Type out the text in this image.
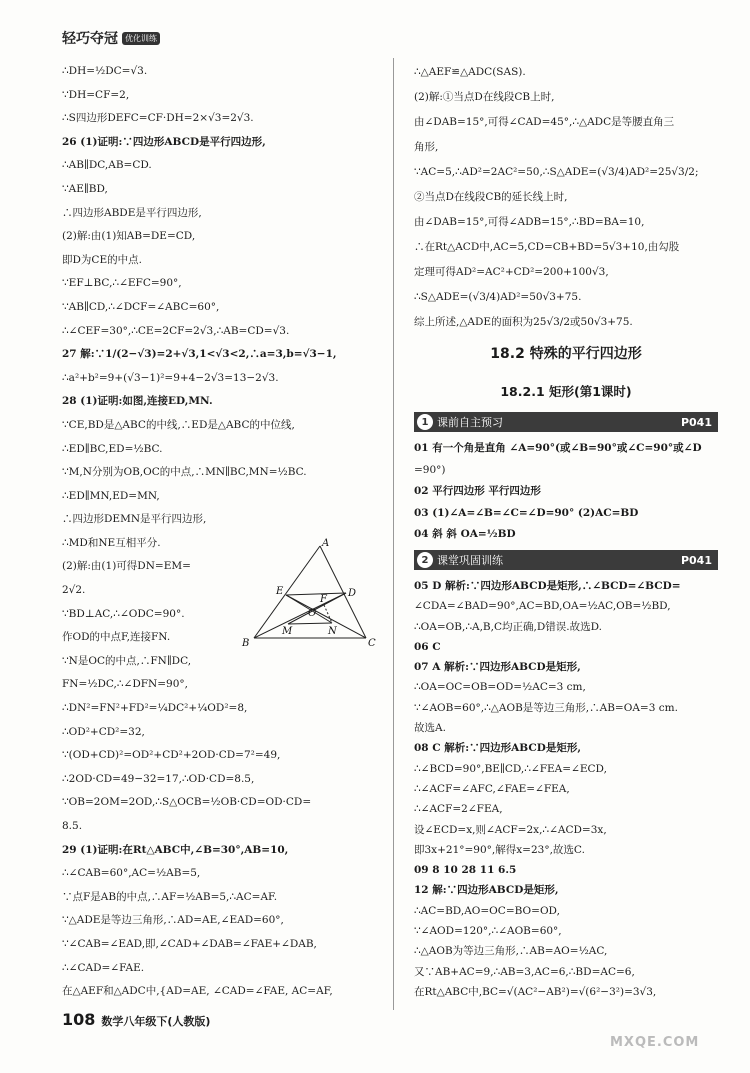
轻巧夺冠 优化训练
∴DH=½DC=√3.
∵DH=CF=2,
∴S四边形DEFC=CF·DH=2×√3=2√3.
26 (1)证明:∵四边形ABCD是平行四边形,
∴AB∥DC,AB=CD.
∵AE∥BD,
∴四边形ABDE是平行四边形,
(2)解:由(1)知AB=DE=CD,
即D为CE的中点.
∵EF⊥BC,∴∠EFC=90°,
∵AB∥CD,∴∠DCF=∠ABC=60°,
∴∠CEF=30°,∴CE=2CF=2√3,∴AB=CD=√3.
27 解:∵1/(2−√3)=2+√3,1<√3<2,∴a=3,b=√3−1,
∴a²+b²=9+(√3−1)²=9+4−2√3=13−2√3.
28 (1)证明:如图,连接ED,MN.
∵CE,BD是△ABC的中线,∴ED是△ABC的中位线,
∴ED∥BC,ED=½BC.
∵M,N分别为OB,OC的中点,∴MN∥BC,MN=½BC.
∴ED∥MN,ED=MN,
∴四边形DEMN是平行四边形,
∴MD和NE互相平分.
(2)解:由(1)可得DN=EM=
2√2.
∵BD⊥AC,∴∠ODC=90°.
作OD的中点F,连接FN.
∵N是OC的中点,∴FN∥DC,
FN=½DC,∴∠DFN=90°,
∴DN²=FN²+FD²=¼DC²+¼OD²=8,
∴OD²+CD²=32,
∵(OD+CD)²=OD²+CD²+2OD·CD=7²=49,
∴2OD·CD=49−32=17,∴OD·CD=8.5,
∵OB=2OM=2OD,∴S△OCB=½OB·CD=OD·CD=
8.5.
29 (1)证明:在Rt△ABC中,∠B=30°,AB=10,
∴∠CAB=60°,AC=½AB=5,
∵点F是AB的中点,∴AF=½AB=5,∴AC=AF.
∵△ADE是等边三角形,∴AD=AE,∠EAD=60°,
∵∠CAB=∠EAD,即,∠CAD+∠DAB=∠FAE+∠DAB,
∴∠CAD=∠FAE.
在△AEF和△ADC中,{AD=AE, ∠CAD=∠FAE, AC=AF,
A
E	D
F
O
M	N
B	C
∴△AEF≌△ADC(SAS).
(2)解:①当点D在线段CB上时,
由∠DAB=15°,可得∠CAD=45°,∴△ADC是等腰直角三
角形,
∵AC=5,∴AD²=2AC²=50,∴S△ADE=(√3/4)AD²=25√3/2;
②当点D在线段CB的延长线上时,
由∠DAB=15°,可得∠ADB=15°,∴BD=BA=10,
∴在Rt△ACD中,AC=5,CD=CB+BD=5√3+10,由勾股
定理可得AD²=AC²+CD²=200+100√3,
∴S△ADE=(√3/4)AD²=50√3+75.
综上所述,△ADE的面积为25√3/2或50√3+75.
18.2 特殊的平行四边形
18.2.1 矩形(第1课时)
1 课前自主预习	P041
01 有一个角是直角 ∠A=90°(或∠B=90°或∠C=90°或∠D
=90°)
02 平行四边形 平行四边形
03 (1)∠A=∠B=∠C=∠D=90° (2)AC=BD
04 斜 斜 OA=½BD
2 课堂巩固训练	P041
05 D 解析:∵四边形ABCD是矩形,∴∠BCD=∠BCD=
∠CDA=∠BAD=90°,AC=BD,OA=½AC,OB=½BD,
∴OA=OB,∴A,B,C均正确,D错误.故选D.
06 C
07 A 解析:∵四边形ABCD是矩形,
∴OA=OC=OB=OD=½AC=3 cm,
∵∠AOB=60°,∴△AOB是等边三角形,∴AB=OA=3 cm.
故选A.
08 C 解析:∵四边形ABCD是矩形,
∴∠BCD=90°,BE∥CD,∴∠FEA=∠ECD,
∴∠ACF=∠AFC,∠FAE=∠FEA,
∴∠ACF=2∠FEA,
设∠ECD=x,则∠ACF=2x,∴∠ACD=3x,
即3x+21°=90°,解得x=23°,故选C.
09 8 10 28 11 6.5
12 解:∵四边形ABCD是矩形,
∴AC=BD,AO=OC=BO=OD,
∵∠AOD=120°,∴∠AOB=60°,
∴△AOB为等边三角形,∴AB=AO=½AC,
又∵AB+AC=9,∴AB=3,AC=6,∴BD=AC=6,
在Rt△ABC中,BC=√(AC²−AB²)=√(6²−3²)=3√3,
108 数学八年级下(人教版)
MXQE.COM
